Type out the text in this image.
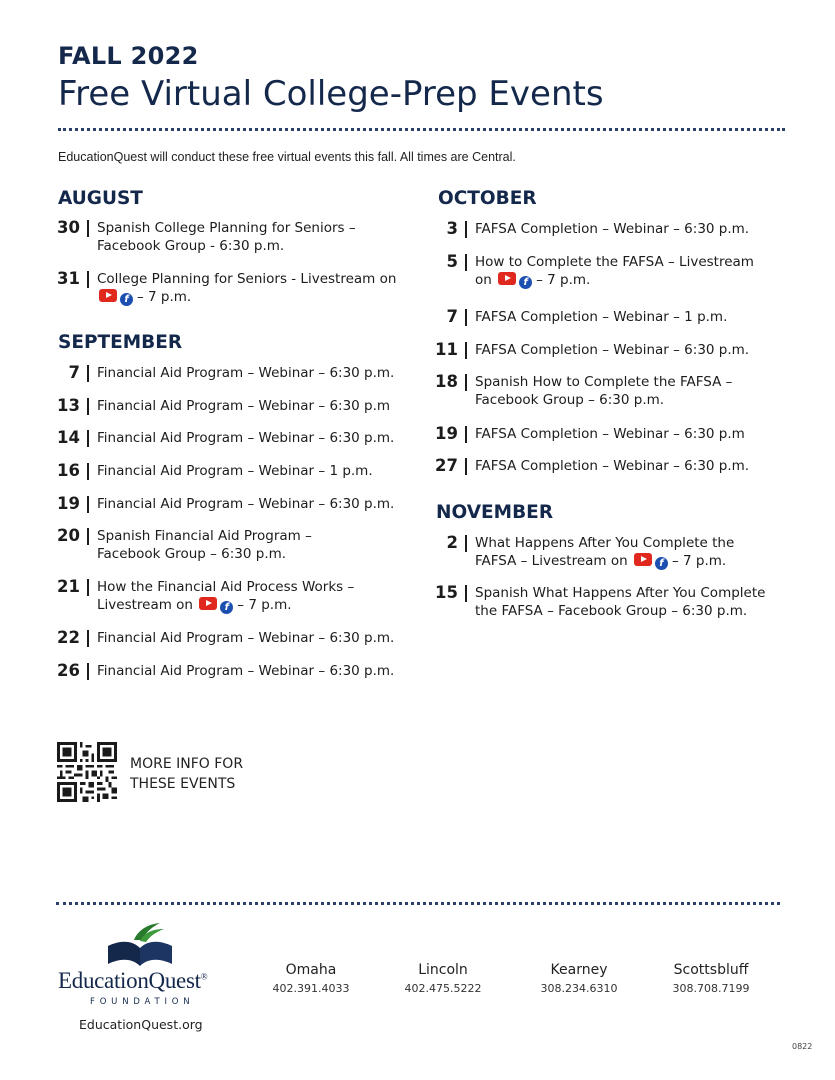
FALL 2022
Free Virtual College-Prep Events
EducationQuest will conduct these free virtual events this fall. All times are Central.
AUGUST
30 Spanish College Planning for Seniors –
Facebook Group - 6:30 p.m.
31 College Planning for Seniors - Livestream on
f – 7 p.m.
SEPTEMBER
7 Financial Aid Program – Webinar – 6:30 p.m.
13 Financial Aid Program – Webinar – 6:30 p.m
14 Financial Aid Program – Webinar – 6:30 p.m.
16 Financial Aid Program – Webinar – 1 p.m.
19 Financial Aid Program – Webinar – 6:30 p.m.
20 Spanish Financial Aid Program –
Facebook Group – 6:30 p.m.
21 How the Financial Aid Process Works –
Livestream on	f – 7 p.m.
22 Financial Aid Program – Webinar – 6:30 p.m.
26 Financial Aid Program – Webinar – 6:30 p.m.
OCTOBER
3 FAFSA Completion – Webinar – 6:30 p.m.
5 How to Complete the FAFSA – Livestream
on	f – 7 p.m.
7 FAFSA Completion – Webinar – 1 p.m.
11 FAFSA Completion – Webinar – 6:30 p.m.
18 Spanish How to Complete the FAFSA –
Facebook Group – 6:30 p.m.
19 FAFSA Completion – Webinar – 6:30 p.m
27 FAFSA Completion – Webinar – 6:30 p.m.
NOVEMBER
2 What Happens After You Complete the
FAFSA – Livestream on	f – 7 p.m.
15 Spanish What Happens After You Complete
the FAFSA – Facebook Group – 6:30 p.m.
MORE INFO FOR
THESE EVENTS
EducationQuest®
FOUNDATION
EducationQuest.org
Omaha
402.391.4033
Lincoln
402.475.5222
Kearney
308.234.6310
Scottsbluff
308.708.7199
0822
